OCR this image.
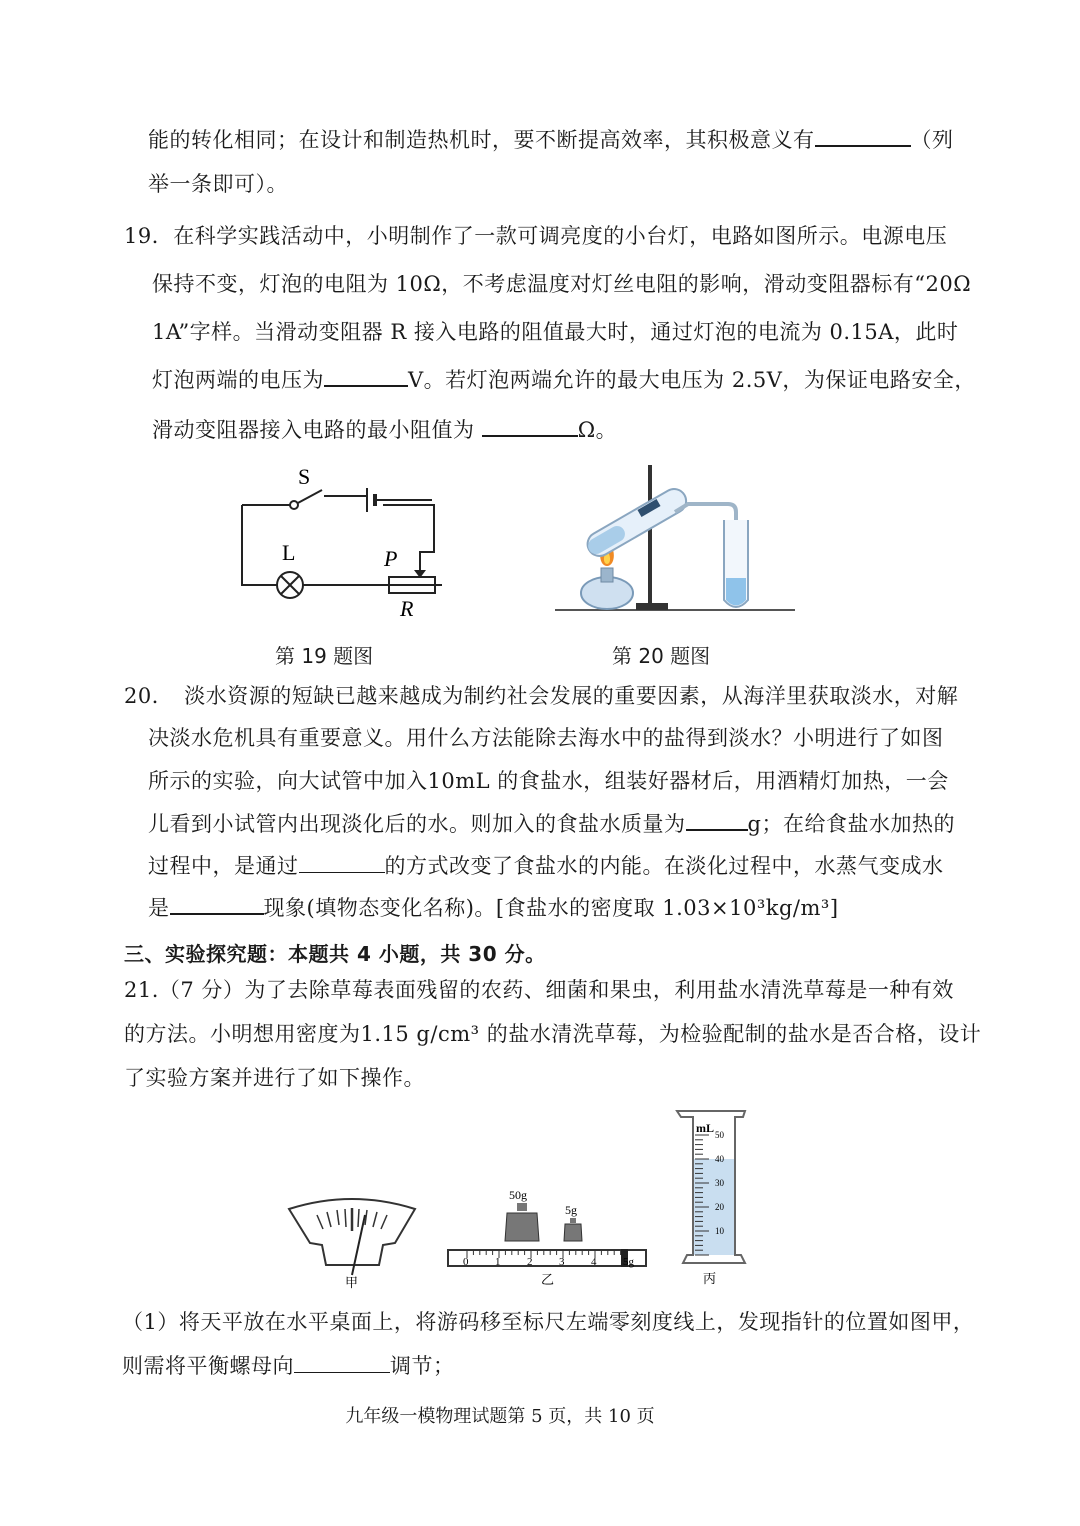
能的转化相同；在设计和制造热机时，要不断提高效率，其积极意义有	（列
举一条即可）。
19．在科学实践活动中，小明制作了一款可调亮度的小台灯，电路如图所示。电源电压
保持不变，灯泡的电阻为 10Ω，不考虑温度对灯丝电阻的影响，滑动变阻器标有“20Ω
1A”字样。当滑动变阻器 R 接入电路的阻值最大时，通过灯泡的电流为 0.15A，此时
灯泡两端的电压为	V。若灯泡两端允许的最大电压为 2.5V，为保证电路安全，
滑动变阻器接入电路的最小阻值为	Ω。
S
L	P
R
第 19 题图	第 20 题图
20．　淡水资源的短缺已越来越成为制约社会发展的重要因素，从海洋里获取淡水，对解
决淡水危机具有重要意义。用什么方法能除去海水中的盐得到淡水？小明进行了如图
所示的实验，向大试管中加入10mL 的食盐水，组装好器材后，用酒精灯加热，一会
儿看到小试管内出现淡化后的水。则加入的食盐水质量为	g；在给食盐水加热的
过程中，是通过	的方式改变了食盐水的内能。在淡化过程中，水蒸气变成水
是	现象(填物态变化名称)。[食盐水的密度取 1.03×10³kg/m³]
三、实验探究题：本题共 4 小题，共 30 分。
21.（7 分）为了去除草莓表面残留的农药、细菌和果虫，利用盐水清洗草莓是一种有效
的方法。小明想用密度为1.15 g/cm³ 的盐水清洗草莓，为检验配制的盐水是否合格，设计
了实验方案并进行了如下操作。
甲
50g
5g
0 1 2 3 4 5g
乙
mL 50
40
30
20
10
丙
（1）将天平放在水平桌面上，将游码移至标尺左端零刻度线上，发现指针的位置如图甲，
则需将平衡螺母向	调节；
九年级一模物理试题第 5 页，共 10 页
